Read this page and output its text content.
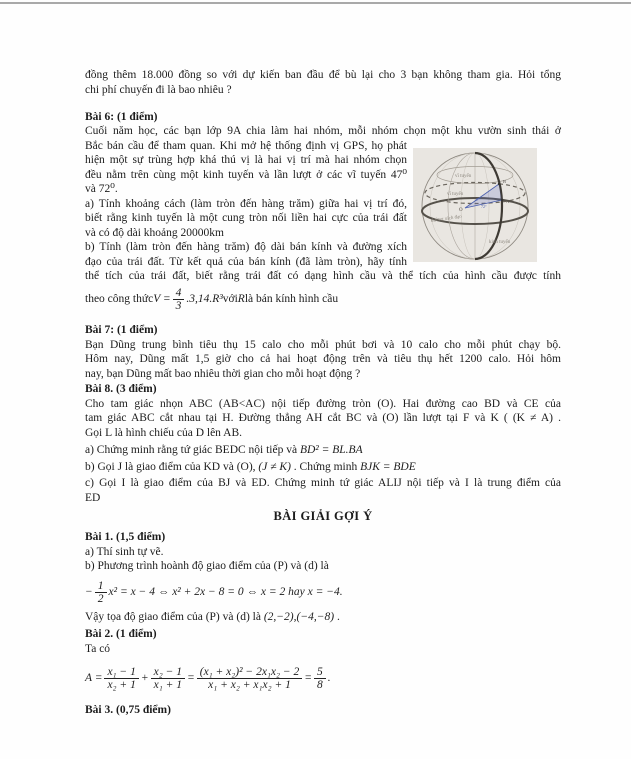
đồng thêm 18.000 đồng so với dự kiến ban đầu để bù lại cho 3 bạn không tham gia. Hỏi tổng
chi phí chuyến đi là bao nhiêu ?
Bài 6: (1 điểm)
Cuối năm học, các bạn lớp 9A chia làm hai nhóm, mỗi nhóm chọn một khu vườn sinh thái ở
Bắc bán cầu để tham quan. Khi mở hệ thống định vị GPS, họ phát
hiện một sự trùng hợp khá thú vị là hai vị trí mà hai nhóm chọn
đều nằm trên cùng một kinh tuyến và lần lượt ở các vĩ tuyến 47⁰
và 72⁰.
a) Tính khoảng cách (làm tròn đến hàng trăm) giữa hai vị trí đó,
biết rằng kinh tuyến là một cung tròn nối liền hai cực của trái đất
và có độ dài khoảng 20000km
b) Tính (làm tròn đến hàng trăm) độ dài bán kính và đường xích
đạo của trái đất. Từ kết quả của bán kính (đã làm tròn), hãy tính
thể tích của trái đất, biết rằng trái đất có dạng hình cầu và thể tích của hình cầu được tính
theo công thức $V = \frac{4}{3} .3,14.R^3$ với R là bán kính hình cầu
O
47°
72°
B
A
vĩ tuyến
vĩ tuyến
đường xích đạo
kinh tuyến
Bài 7: (1 điểm)
Bạn Dũng trung bình tiêu thụ 15 calo cho mỗi phút bơi và 10 calo cho mỗi phút chạy bộ.
Hôm nay, Dũng mất 1,5 giờ cho cả hai hoạt động trên và tiêu thụ hết 1200 calo. Hỏi hôm
nay, bạn Dũng mất bao nhiêu thời gian cho mỗi hoạt động ?
Bài 8. (3 điểm)
Cho tam giác nhọn ABC (AB<AC) nội tiếp đường tròn (O). Hai đường cao BD và CE của
tam giác ABC cắt nhau tại H. Đường thẳng AH cắt BC và (O) lần lượt tại F và K ( (K ≠ A) .
Gọi L là hình chiếu của D lên AB.
a) Chứng minh rằng tứ giác BEDC nội tiếp và BD² = BL.BA
b) Gọi J là giao điểm của KD và (O), (J ≠ K) . Chứng minh BJK = BDE
c) Gọi I là giao điểm của BJ và ED. Chứng minh tứ giác ALIJ nội tiếp và I là trung điểm của
ED
BÀI GIẢI GỢI Ý
Bài 1. (1,5 điểm)
a) Thí sinh tự vẽ.
b) Phương trình hoành độ giao điểm của (P) và (d) là
− $\frac{1}{2} x^2 = x - 4$ ⇔ x² + 2x − 8 = 0 ⇔ x = 2 hay x = −4.
Vậy tọa độ giao điểm của (P) và (d) là (2,−2),(−4,−8) .
Bài 2. (1 điểm)
Ta có
$A = \frac{\text{x₁ − 1}}{\text{x₂ + 1}} + \frac{\text{x₂ − 1}}{\text{x₁ + 1}} = \frac{\text{(x₁ + x₂)² − 2x₁x₂ − 2}}{\text{x₁ + x₂ + x₁x₂ + 1}} = \frac{5}{8}$ .
Bài 3. (0,75 điểm)
